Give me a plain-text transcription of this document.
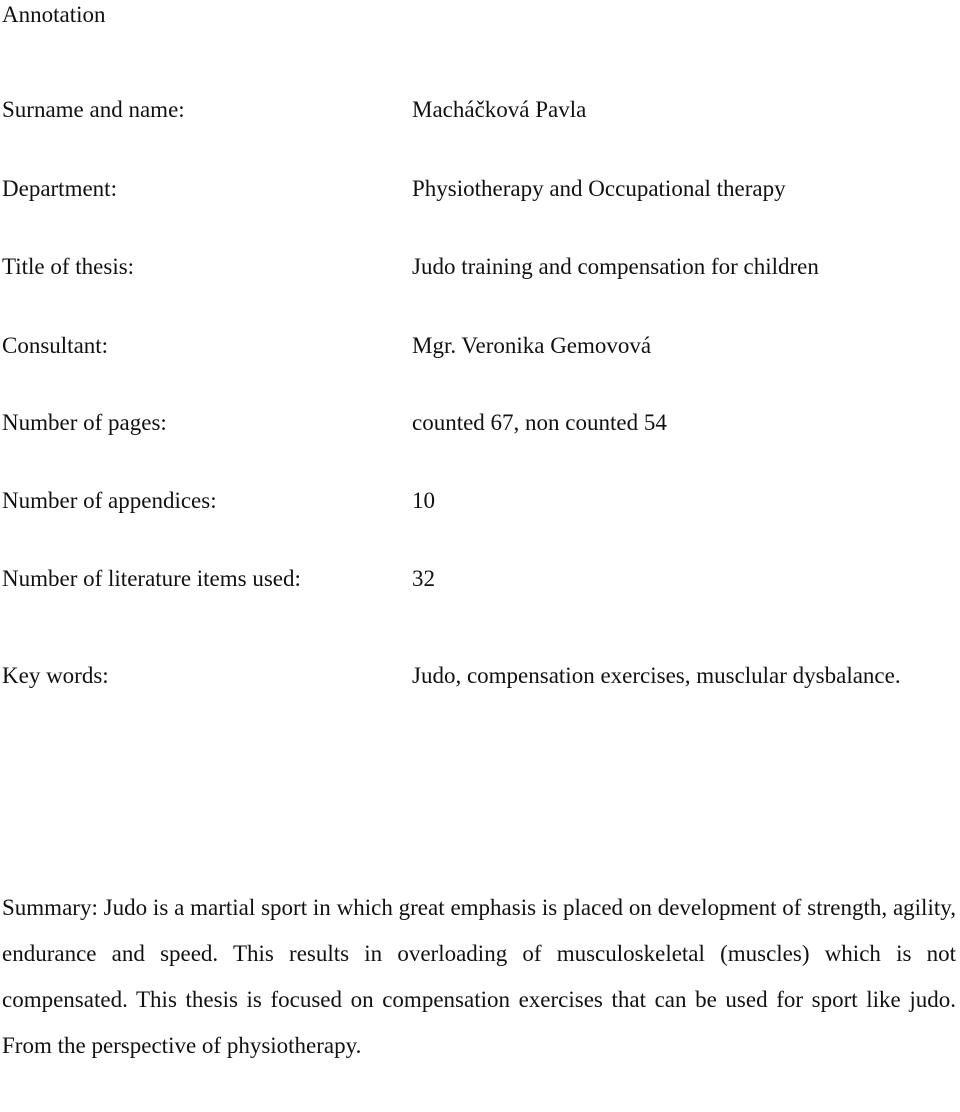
Annotation
Surname and name:	Macháčková Pavla
Department:	Physiotherapy and Occupational therapy
Title of thesis:	Judo training and compensation for children
Consultant:	Mgr. Veronika Gemovová
Number of pages:	counted 67, non counted 54
Number of appendices:	10
Number of literature items used:	32
Key words:	Judo, compensation exercises, musclular dysbalance.

Summary: Judo is a martial sport in which great emphasis is placed on development of strength, agility, endurance and speed. This results in overloading of musculoskeletal (muscles) which is not compensated. This thesis is focused on compensation exercises that can be used for sport like judo. From the perspective of physiotherapy.
